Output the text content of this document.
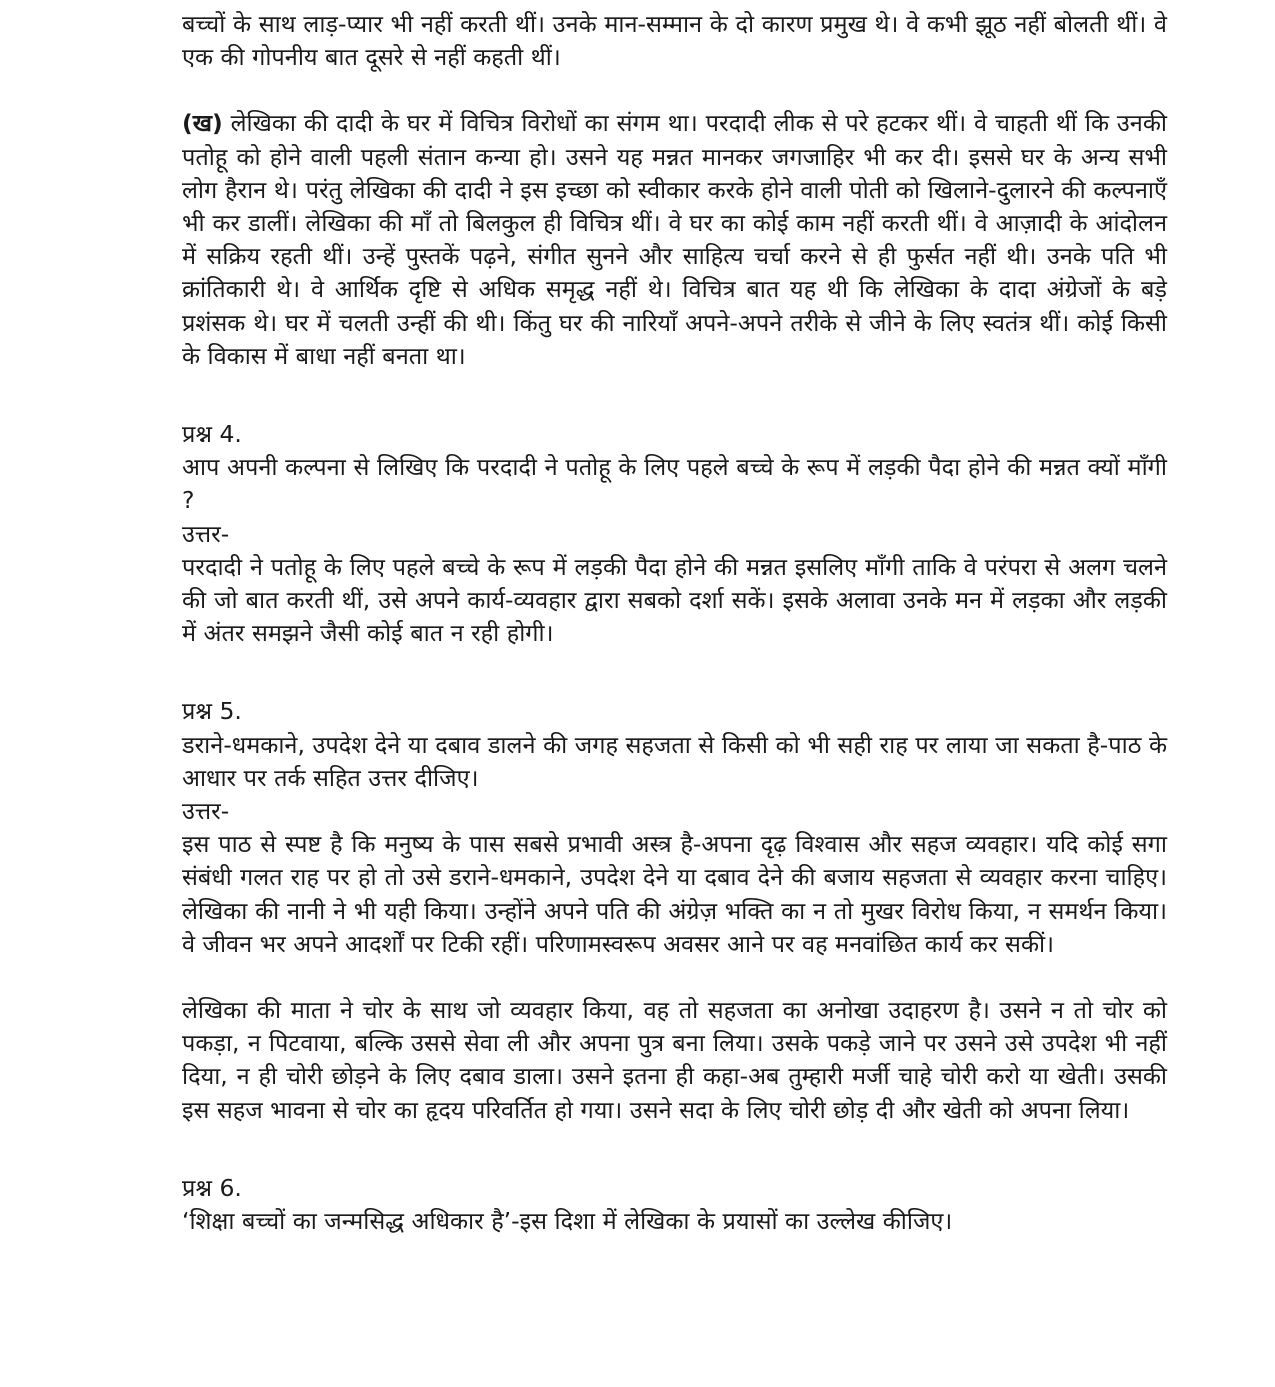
बच्चों के साथ लाड़-प्यार भी नहीं करती थीं। उनके मान-सम्मान के दो कारण प्रमुख थे। वे कभी झूठ नहीं बोलती थीं। वे एक की गोपनीय बात दूसरे से नहीं कहती थीं।

(ख) लेखिका की दादी के घर में विचित्र विरोधों का संगम था। परदादी लीक से परे हटकर थीं। वे चाहती थीं कि उनकी पतोहू को होने वाली पहली संतान कन्या हो। उसने यह मन्नत मानकर जगजाहिर भी कर दी। इससे घर के अन्य सभी लोग हैरान थे। परंतु लेखिका की दादी ने इस इच्छा को स्वीकार करके होने वाली पोती को खिलाने-दुलारने की कल्पनाएँ भी कर डालीं। लेखिका की माँ तो बिलकुल ही विचित्र थीं। वे घर का कोई काम नहीं करती थीं। वे आज़ादी के आंदोलन में सक्रिय रहती थीं। उन्हें पुस्तकें पढ़ने, संगीत सुनने और साहित्य चर्चा करने से ही फुर्सत नहीं थी। उनके पति भी क्रांतिकारी थे। वे आर्थिक दृष्टि से अधिक समृद्ध नहीं थे। विचित्र बात यह थी कि लेखिका के दादा अंग्रेजों के बड़े प्रशंसक थे। घर में चलती उन्हीं की थी। किंतु घर की नारियाँ अपने-अपने तरीके से जीने के लिए स्वतंत्र थीं। कोई किसी के विकास में बाधा नहीं बनता था।

प्रश्न 4.

आप अपनी कल्पना से लिखिए कि परदादी ने पतोहू के लिए पहले बच्चे के रूप में लड़की पैदा होने की मन्नत क्यों माँगी ?

उत्तर-

परदादी ने पतोहू के लिए पहले बच्चे के रूप में लड़की पैदा होने की मन्नत इसलिए माँगी ताकि वे परंपरा से अलग चलने की जो बात करती थीं, उसे अपने कार्य-व्यवहार द्वारा सबको दर्शा सकें। इसके अलावा उनके मन में लड़का और लड़की में अंतर समझने जैसी कोई बात न रही होगी।

प्रश्न 5.

डराने-धमकाने, उपदेश देने या दबाव डालने की जगह सहजता से किसी को भी सही राह पर लाया जा सकता है-पाठ के आधार पर तर्क सहित उत्तर दीजिए।

उत्तर-

इस पाठ से स्पष्ट है कि मनुष्य के पास सबसे प्रभावी अस्त्र है-अपना दृढ़ विश्वास और सहज व्यवहार। यदि कोई सगा संबंधी गलत राह पर हो तो उसे डराने-धमकाने, उपदेश देने या दबाव देने की बजाय सहजता से व्यवहार करना चाहिए। लेखिका की नानी ने भी यही किया। उन्होंने अपने पति की अंग्रेज़ भक्ति का न तो मुखर विरोध किया, न समर्थन किया। वे जीवन भर अपने आदर्शों पर टिकी रहीं। परिणामस्वरूप अवसर आने पर वह मनवांछित कार्य कर सकीं।

लेखिका की माता ने चोर के साथ जो व्यवहार किया, वह तो सहजता का अनोखा उदाहरण है। उसने न तो चोर को पकड़ा, न पिटवाया, बल्कि उससे सेवा ली और अपना पुत्र बना लिया। उसके पकड़े जाने पर उसने उसे उपदेश भी नहीं दिया, न ही चोरी छोड़ने के लिए दबाव डाला। उसने इतना ही कहा-अब तुम्हारी मर्जी चाहे चोरी करो या खेती। उसकी इस सहज भावना से चोर का हृदय परिवर्तित हो गया। उसने सदा के लिए चोरी छोड़ दी और खेती को अपना लिया।

प्रश्न 6.

‘शिक्षा बच्चों का जन्मसिद्ध अधिकार है’-इस दिशा में लेखिका के प्रयासों का उल्लेख कीजिए।
